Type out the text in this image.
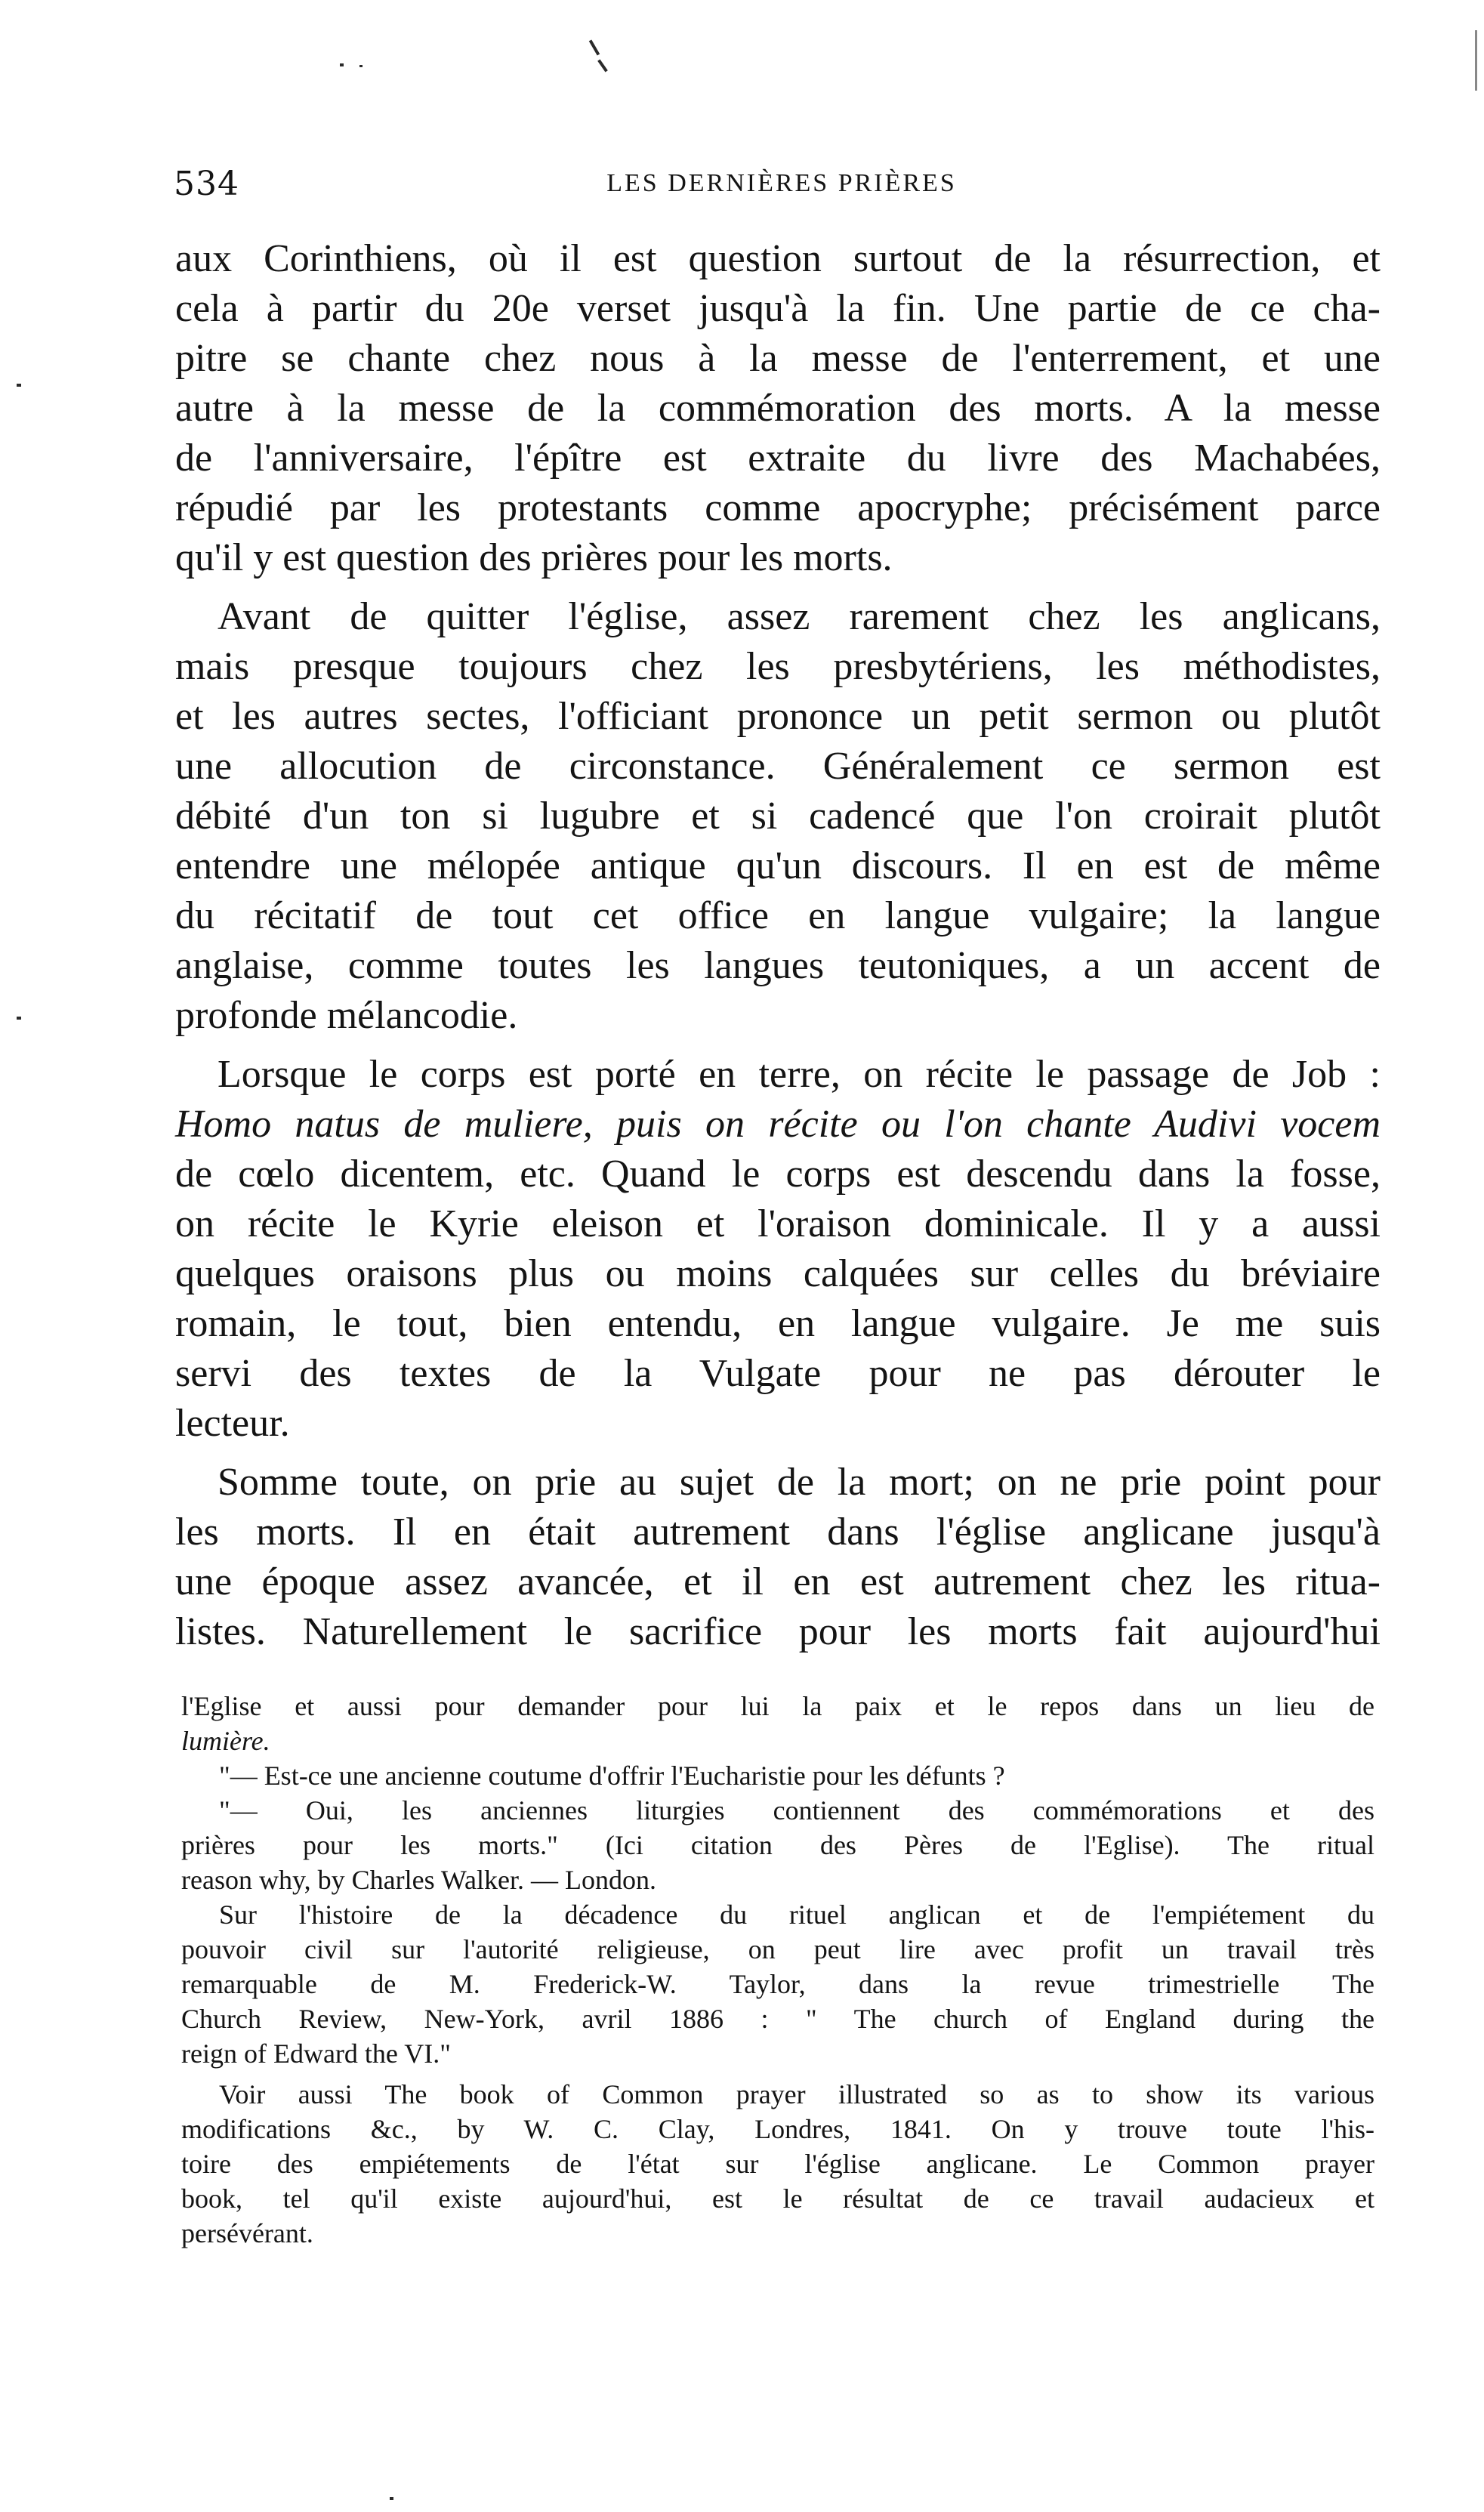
534	LES DERNIÈRES PRIÈRES
aux Corinthiens, où il est question surtout de la résurrection, et
cela à partir du 20e verset jusqu'à la fin. Une partie de ce cha-
pitre se chante chez nous à la messe de l'enterrement, et une
autre à la messe de la commémoration des morts. A la messe
de l'anniversaire, l'épître est extraite du livre des Machabées,
répudié par les protestants comme apocryphe; précisément parce
qu'il y est question des prières pour les morts.
Avant de quitter l'église, assez rarement chez les anglicans,
mais presque toujours chez les presbytériens, les méthodistes,
et les autres sectes, l'officiant prononce un petit sermon ou plutôt
une allocution de circonstance. Généralement ce sermon est
débité d'un ton si lugubre et si cadencé que l'on croirait plutôt
entendre une mélopée antique qu'un discours. Il en est de même
du récitatif de tout cet office en langue vulgaire; la langue
anglaise, comme toutes les langues teutoniques, a un accent de
profonde mélancodie.
Lorsque le corps est porté en terre, on récite le passage de Job :
Homo natus de muliere, puis on récite ou l'on chante Audivi vocem
de cœlo dicentem, etc. Quand le corps est descendu dans la fosse,
on récite le Kyrie eleison et l'oraison dominicale. Il y a aussi
quelques oraisons plus ou moins calquées sur celles du bréviaire
romain, le tout, bien entendu, en langue vulgaire. Je me suis
servi des textes de la Vulgate pour ne pas dérouter le
lecteur.
Somme toute, on prie au sujet de la mort; on ne prie point pour
les morts. Il en était autrement dans l'église anglicane jusqu'à
une époque assez avancée, et il en est autrement chez les ritua-
listes. Naturellement le sacrifice pour les morts fait aujourd'hui
l'Eglise et aussi pour demander pour lui la paix et le repos dans un lieu de
lumière.
"— Est-ce une ancienne coutume d'offrir l'Eucharistie pour les défunts ?
"— Oui, les anciennes liturgies contiennent des commémorations et des
prières pour les morts." (Ici citation des Pères de l'Eglise). The ritual
reason why, by Charles Walker. — London.
Sur l'histoire de la décadence du rituel anglican et de l'empiétement du
pouvoir civil sur l'autorité religieuse, on peut lire avec profit un travail très
remarquable de M. Frederick-W. Taylor, dans la revue trimestrielle The
Church Review, New-York, avril 1886 : " The church of England during the
reign of Edward the VI."
Voir aussi The book of Common prayer illustrated so as to show its various
modifications &c., by W. C. Clay, Londres, 1841. On y trouve toute l'his-
toire des empiétements de l'état sur l'église anglicane. Le Common prayer
book, tel qu'il existe aujourd'hui, est le résultat de ce travail audacieux et
persévérant.
